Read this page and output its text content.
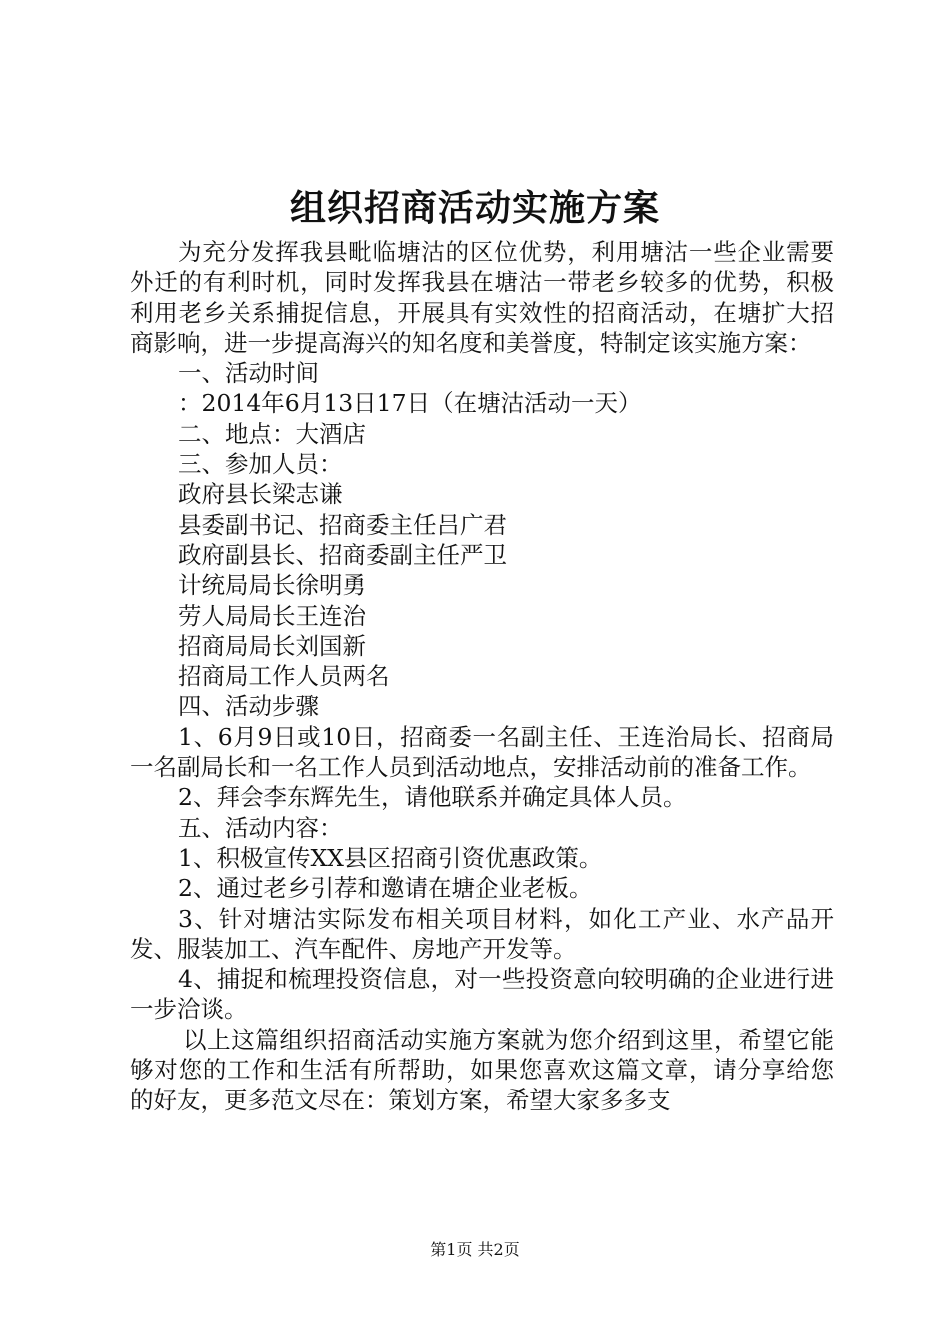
组织招商活动实施方案

为充分发挥我县毗临塘沽的区位优势，利用塘沽一些企业需要外迁的有利时机，同时发挥我县在塘沽一带老乡较多的优势，积极利用老乡关系捕捉信息，开展具有实效性的招商活动，在塘扩大招商影响，进一步提高海兴的知名度和美誉度，特制定该实施方案：

一、活动时间

：2014年6月13日17日（在塘沽活动一天）

二、地点：大酒店

三、参加人员：

政府县长梁志谦

县委副书记、招商委主任吕广君

政府副县长、招商委副主任严卫

计统局局长徐明勇

劳人局局长王连治

招商局局长刘国新

招商局工作人员两名

四、活动步骤

1、6月9日或10日，招商委一名副主任、王连治局长、招商局一名副局长和一名工作人员到活动地点，安排活动前的准备工作。

2、拜会李东辉先生，请他联系并确定具体人员。

五、活动内容：

1、积极宣传XX县区招商引资优惠政策。

2、通过老乡引荐和邀请在塘企业老板。

3、针对塘沽实际发布相关项目材料，如化工产业、水产品开发、服装加工、汽车配件、房地产开发等。

4、捕捉和梳理投资信息，对一些投资意向较明确的企业进行进一步洽谈。

以上这篇组织招商活动实施方案就为您介绍到这里，希望它能够对您的工作和生活有所帮助，如果您喜欢这篇文章，请分享给您的好友，更多范文尽在：策划方案，希望大家多多支

第1页 共2页
